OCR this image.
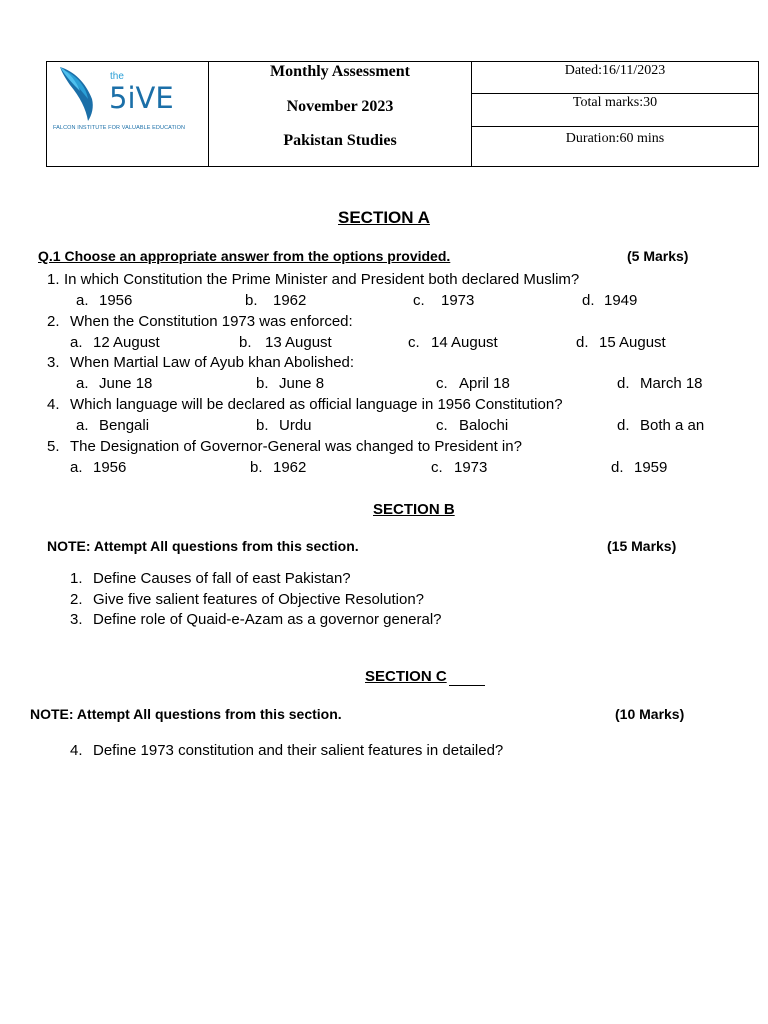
the
5iVE
FALCON INSTITUTE FOR VALUABLE EDUCATION
Monthly Assessment
November 2023
Pakistan Studies
Dated:16/11/2023
Total marks:30
Duration:60 mins
SECTION A
Q.1 Choose an appropriate answer from the options provided.	(5 Marks)
1. In which Constitution the Prime Minister and President both declared Muslim?
a. 1956	b. 1962	c. 1973	d. 1949
2. When the Constitution 1973 was enforced:
a. 12 August	b. 13 August	c. 14 August	d. 15 August
3. When Martial Law of Ayub khan Abolished:
a. June 18	b. June 8	c. April 18	d. March 18
4. Which language will be declared as official language in 1956 Constitution?
a. Bengali	b. Urdu	c. Balochi	d. Both a an
5. The Designation of Governor-General was changed to President in?
a. 1956	b. 1962	c. 1973	d. 1959
SECTION B
NOTE: Attempt All questions from this section.	(15 Marks)
1. Define Causes of fall of east Pakistan?
2. Give five salient features of Objective Resolution?
3. Define role of Quaid-e-Azam as a governor general?
SECTION C
NOTE: Attempt All questions from this section.	(10 Marks)
4. Define 1973 constitution and their salient features in detailed?
